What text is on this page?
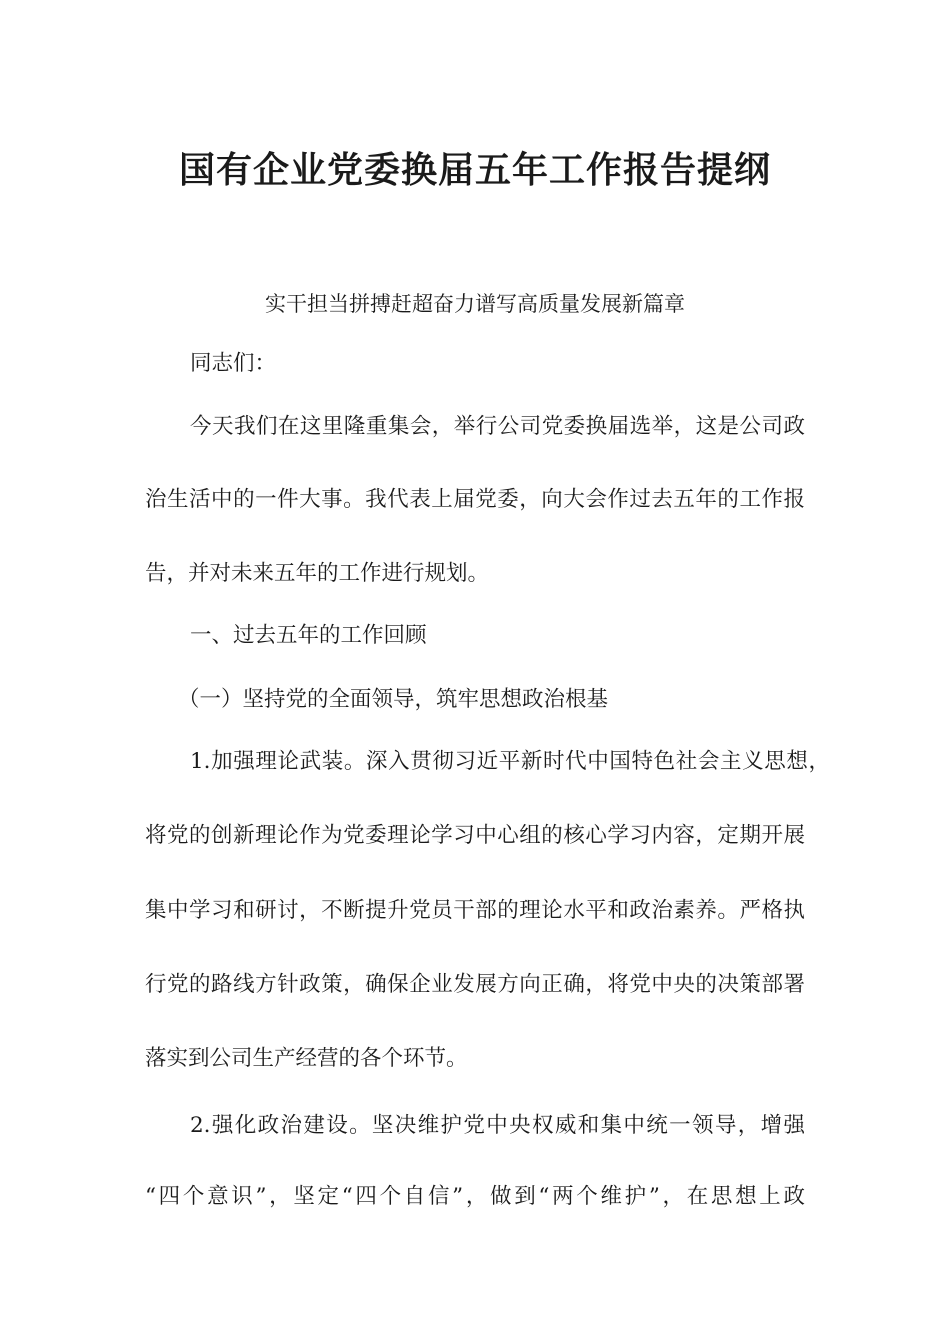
国有企业党委换届五年工作报告提纲
实干担当拼搏赶超奋力谱写高质量发展新篇章
同志们：
今天我们在这里隆重集会，举行公司党委换届选举，这是公司政
治生活中的一件大事。我代表上届党委，向大会作过去五年的工作报
告，并对未来五年的工作进行规划。
一、过去五年的工作回顾
（一）坚持党的全面领导，筑牢思想政治根基
1.加强理论武装。深入贯彻习近平新时代中国特色社会主义思想，
将党的创新理论作为党委理论学习中心组的核心学习内容，定期开展
集中学习和研讨，不断提升党员干部的理论水平和政治素养。严格执
行党的路线方针政策，确保企业发展方向正确，将党中央的决策部署
落实到公司生产经营的各个环节。
2.强化政治建设。坚决维护党中央权威和集中统一领导，增强
“四个意识”，坚定“四个自信”，做到“两个维护”，在思想上政
